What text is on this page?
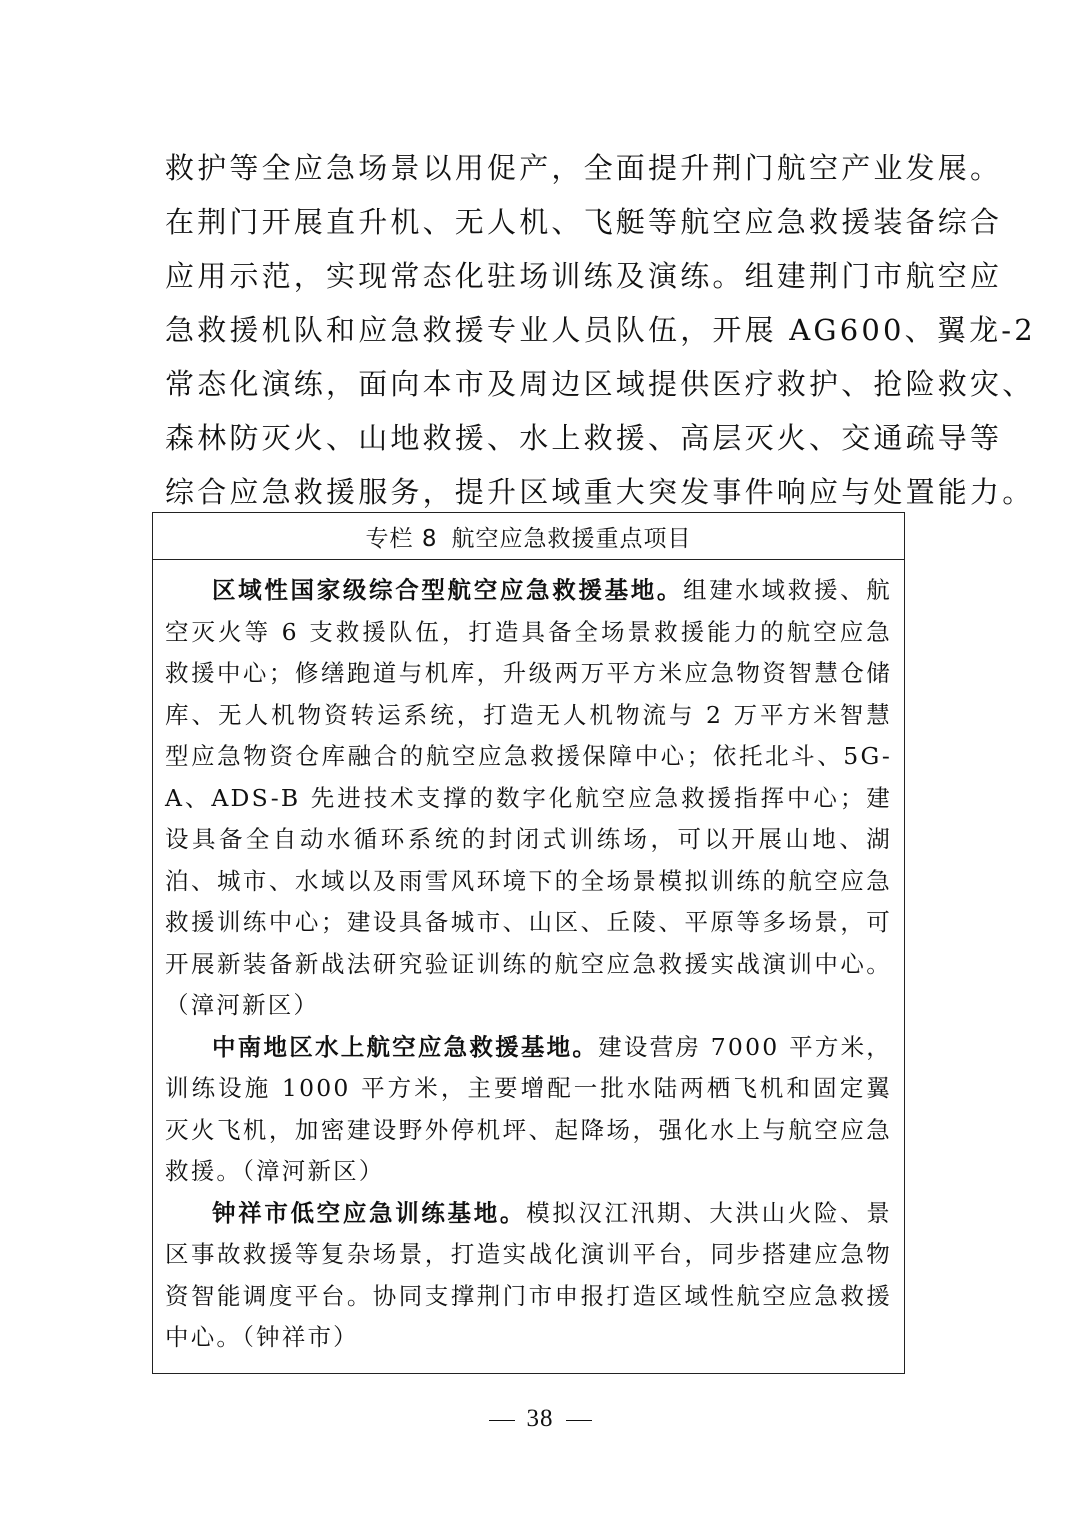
救护等全应急场景以用促产，全面提升荆门航空产业发展。
在荆门开展直升机、无人机、飞艇等航空应急救援装备综合
应用示范，实现常态化驻场训练及演练。组建荆门市航空应
急救援机队和应急救援专业人员队伍，开展 AG600、翼龙-2
常态化演练，面向本市及周边区域提供医疗救护、抢险救灾、
森林防灭火、山地救援、水上救援、高层灭火、交通疏导等
综合应急救援服务，提升区域重大突发事件响应与处置能力。
专栏 8 航空应急救援重点项目

区域性国家级综合型航空应急救援基地。组建水域救援、航空灭火等 6 支救援队伍，打造具备全场景救援能力的航空应急救援中心；修缮跑道与机库，升级两万平方米应急物资智慧仓储库、无人机物资转运系统，打造无人机物流与 2 万平方米智慧型应急物资仓库融合的航空应急救援保障中心；依托北斗、5G-A、ADS-B 先进技术支撑的数字化航空应急救援指挥中心；建设具备全自动水循环系统的封闭式训练场，可以开展山地、湖泊、城市、水域以及雨雪风环境下的全场景模拟训练的航空应急救援训练中心；建设具备城市、山区、丘陵、平原等多场景，可开展新装备新战法研究验证训练的航空应急救援实战演训中心。（漳河新区）

中南地区水上航空应急救援基地。建设营房 7000 平方米，训练设施 1000 平方米，主要增配一批水陆两栖飞机和固定翼灭火飞机，加密建设野外停机坪、起降场，强化水上与航空应急救援。（漳河新区）

钟祥市低空应急训练基地。模拟汉江汛期、大洪山火险、景区事故救援等复杂场景，打造实战化演训平台，同步搭建应急物资智能调度平台。协同支撑荆门市申报打造区域性航空应急救援中心。（钟祥市）

38
